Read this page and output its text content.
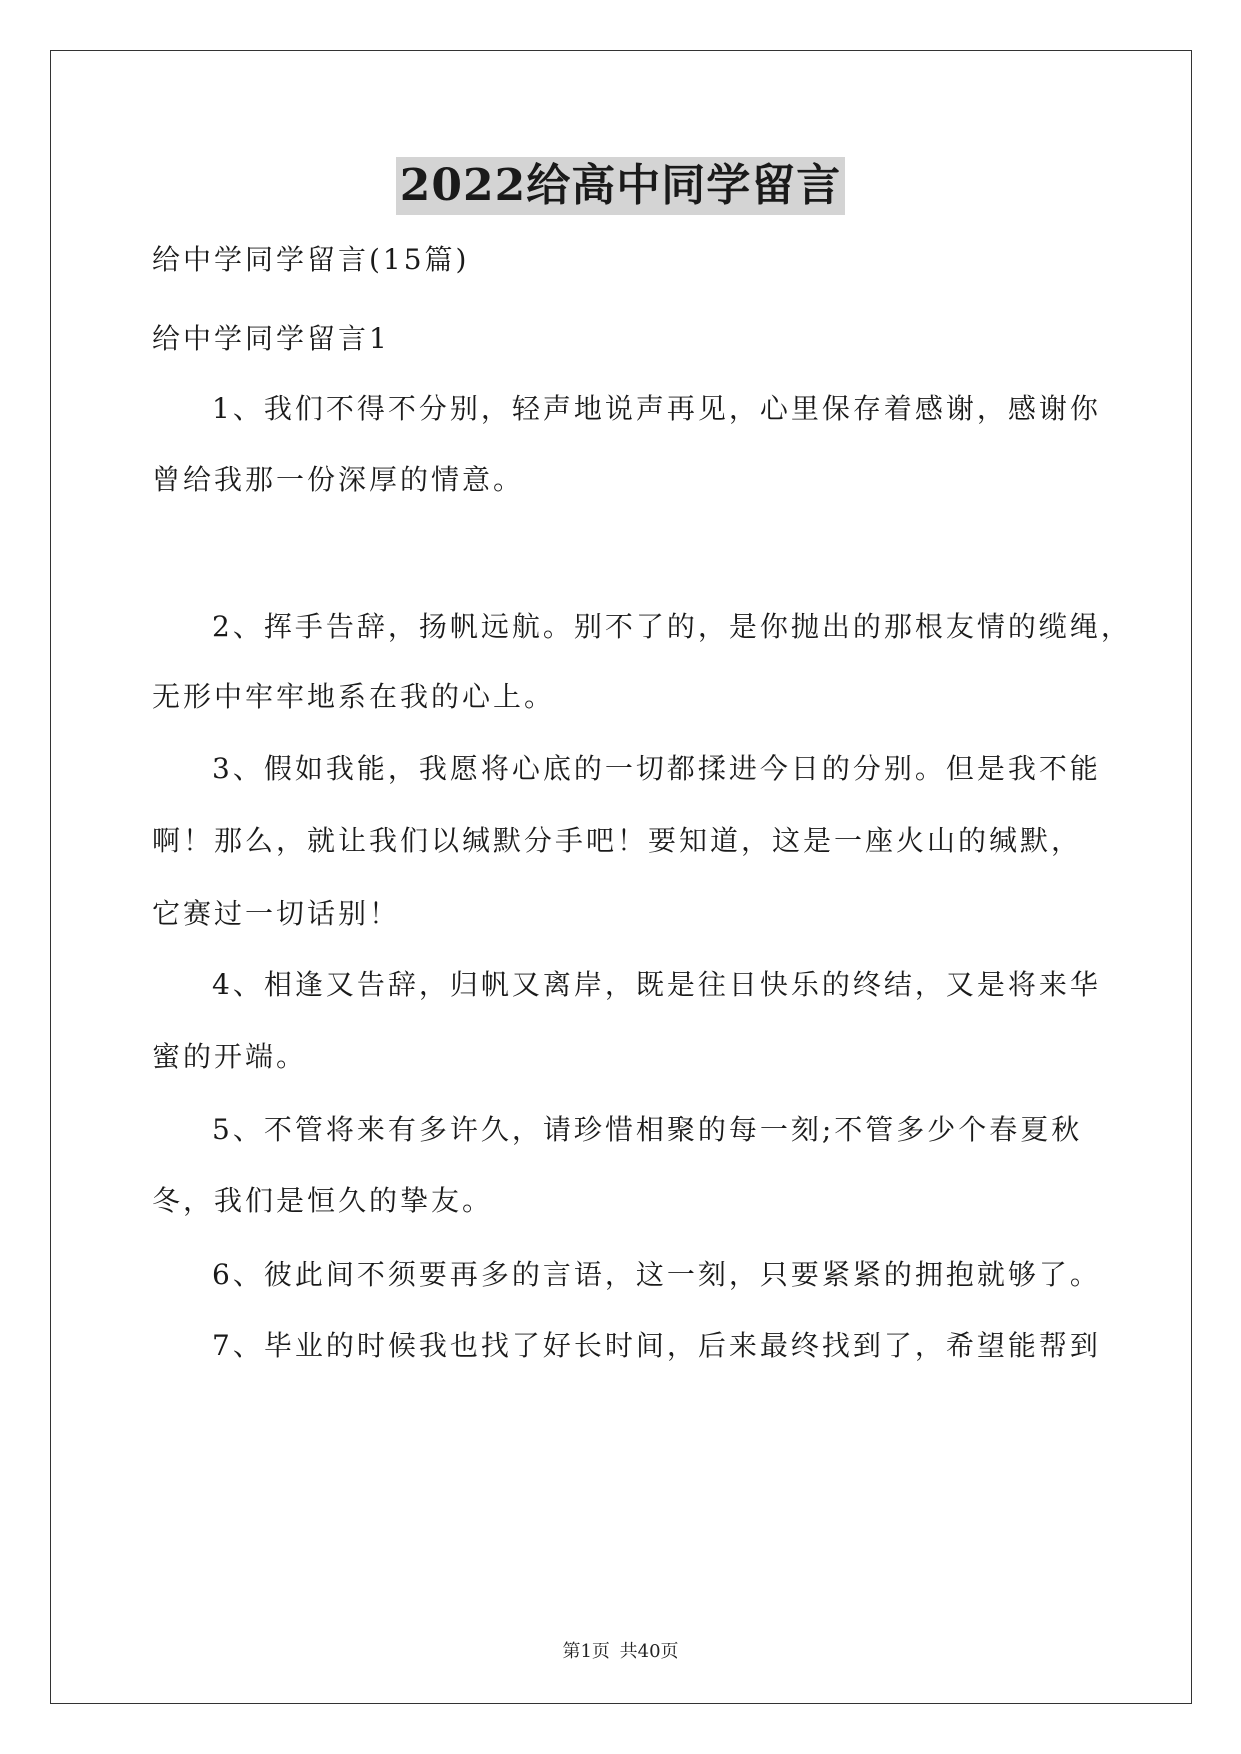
2022给高中同学留言

给中学同学留言(15篇)

给中学同学留言1

1、我们不得不分别，轻声地说声再见，心里保存着感谢，感谢你

曾给我那一份深厚的情意。

2、挥手告辞，扬帆远航。别不了的，是你抛出的那根友情的缆绳，

无形中牢牢地系在我的心上。

3、假如我能，我愿将心底的一切都揉进今日的分别。但是我不能

啊！那么，就让我们以缄默分手吧！要知道，这是一座火山的缄默，

它赛过一切话别！

4、相逢又告辞，归帆又离岸，既是往日快乐的终结，又是将来华

蜜的开端。

5、不管将来有多许久，请珍惜相聚的每一刻;不管多少个春夏秋

冬，我们是恒久的挚友。

6、彼此间不须要再多的言语，这一刻，只要紧紧的拥抱就够了。

7、毕业的时候我也找了好长时间，后来最终找到了，希望能帮到

第1页 共40页
